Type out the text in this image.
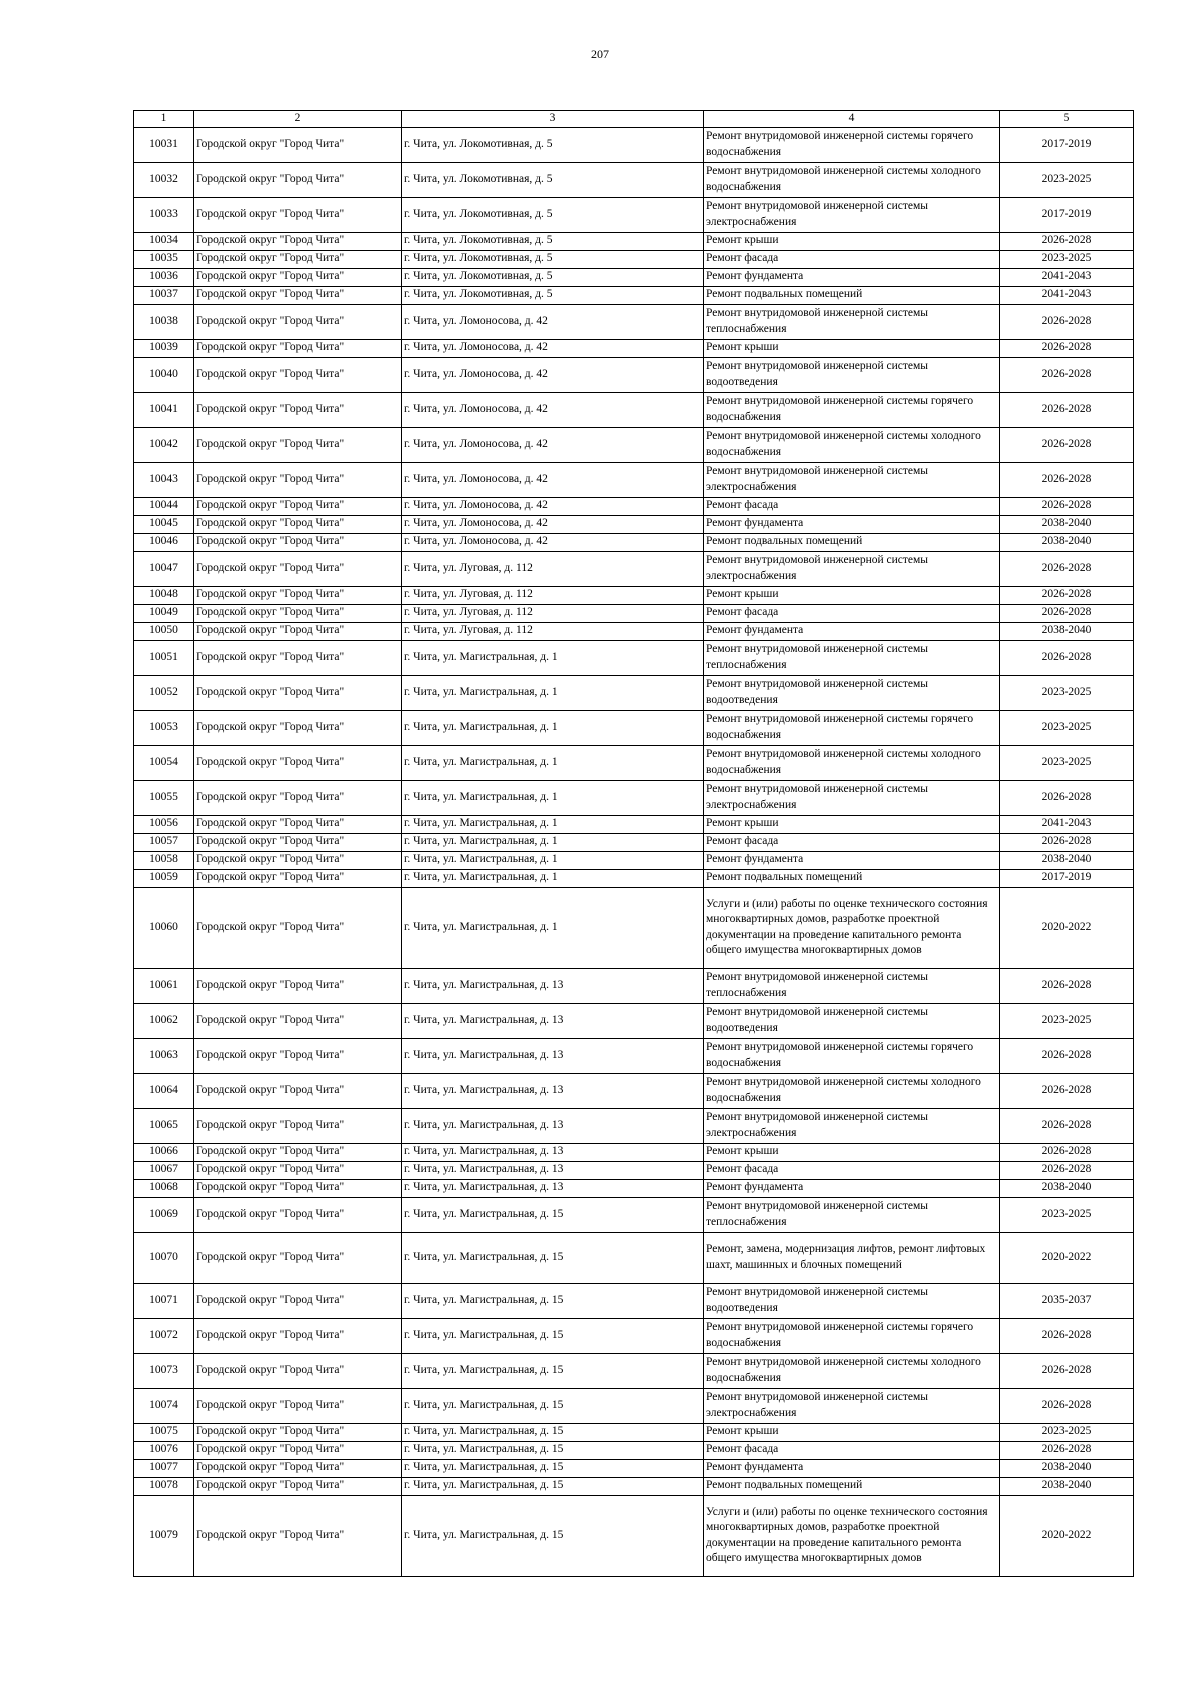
207
1	2	3	4	5
10031	Городской округ "Город Чита"	г. Чита, ул. Локомотивная, д. 5	Ремонт внутридомовой инженерной системы горячего водоснабжения	2017-2019
10032	Городской округ "Город Чита"	г. Чита, ул. Локомотивная, д. 5	Ремонт внутридомовой инженерной системы холодного водоснабжения	2023-2025
10033	Городской округ "Город Чита"	г. Чита, ул. Локомотивная, д. 5	Ремонт внутридомовой инженерной системы электроснабжения	2017-2019
10034	Городской округ "Город Чита"	г. Чита, ул. Локомотивная, д. 5	Ремонт крыши	2026-2028
10035	Городской округ "Город Чита"	г. Чита, ул. Локомотивная, д. 5	Ремонт фасада	2023-2025
10036	Городской округ "Город Чита"	г. Чита, ул. Локомотивная, д. 5	Ремонт фундамента	2041-2043
10037	Городской округ "Город Чита"	г. Чита, ул. Локомотивная, д. 5	Ремонт подвальных помещений	2041-2043
10038	Городской округ "Город Чита"	г. Чита, ул. Ломоносова, д. 42	Ремонт внутридомовой инженерной системы теплоснабжения	2026-2028
10039	Городской округ "Город Чита"	г. Чита, ул. Ломоносова, д. 42	Ремонт крыши	2026-2028
10040	Городской округ "Город Чита"	г. Чита, ул. Ломоносова, д. 42	Ремонт внутридомовой инженерной системы водоотведения	2026-2028
10041	Городской округ "Город Чита"	г. Чита, ул. Ломоносова, д. 42	Ремонт внутридомовой инженерной системы горячего водоснабжения	2026-2028
10042	Городской округ "Город Чита"	г. Чита, ул. Ломоносова, д. 42	Ремонт внутридомовой инженерной системы холодного водоснабжения	2026-2028
10043	Городской округ "Город Чита"	г. Чита, ул. Ломоносова, д. 42	Ремонт внутридомовой инженерной системы электроснабжения	2026-2028
10044	Городской округ "Город Чита"	г. Чита, ул. Ломоносова, д. 42	Ремонт фасада	2026-2028
10045	Городской округ "Город Чита"	г. Чита, ул. Ломоносова, д. 42	Ремонт фундамента	2038-2040
10046	Городской округ "Город Чита"	г. Чита, ул. Ломоносова, д. 42	Ремонт подвальных помещений	2038-2040
10047	Городской округ "Город Чита"	г. Чита, ул. Луговая, д. 112	Ремонт внутридомовой инженерной системы электроснабжения	2026-2028
10048	Городской округ "Город Чита"	г. Чита, ул. Луговая, д. 112	Ремонт крыши	2026-2028
10049	Городской округ "Город Чита"	г. Чита, ул. Луговая, д. 112	Ремонт фасада	2026-2028
10050	Городской округ "Город Чита"	г. Чита, ул. Луговая, д. 112	Ремонт фундамента	2038-2040
10051	Городской округ "Город Чита"	г. Чита, ул. Магистральная, д. 1	Ремонт внутридомовой инженерной системы теплоснабжения	2026-2028
10052	Городской округ "Город Чита"	г. Чита, ул. Магистральная, д. 1	Ремонт внутридомовой инженерной системы водоотведения	2023-2025
10053	Городской округ "Город Чита"	г. Чита, ул. Магистральная, д. 1	Ремонт внутридомовой инженерной системы горячего водоснабжения	2023-2025
10054	Городской округ "Город Чита"	г. Чита, ул. Магистральная, д. 1	Ремонт внутридомовой инженерной системы холодного водоснабжения	2023-2025
10055	Городской округ "Город Чита"	г. Чита, ул. Магистральная, д. 1	Ремонт внутридомовой инженерной системы электроснабжения	2026-2028
10056	Городской округ "Город Чита"	г. Чита, ул. Магистральная, д. 1	Ремонт крыши	2041-2043
10057	Городской округ "Город Чита"	г. Чита, ул. Магистральная, д. 1	Ремонт фасада	2026-2028
10058	Городской округ "Город Чита"	г. Чита, ул. Магистральная, д. 1	Ремонт фундамента	2038-2040
10059	Городской округ "Город Чита"	г. Чита, ул. Магистральная, д. 1	Ремонт подвальных помещений	2017-2019
10060	Городской округ "Город Чита"	г. Чита, ул. Магистральная, д. 1	Услуги и (или) работы по оценке технического состояния многоквартирных домов, разработке проектной документации на проведение капитального ремонта общего имущества многоквартирных домов	2020-2022
10061	Городской округ "Город Чита"	г. Чита, ул. Магистральная, д. 13	Ремонт внутридомовой инженерной системы теплоснабжения	2026-2028
10062	Городской округ "Город Чита"	г. Чита, ул. Магистральная, д. 13	Ремонт внутридомовой инженерной системы водоотведения	2023-2025
10063	Городской округ "Город Чита"	г. Чита, ул. Магистральная, д. 13	Ремонт внутридомовой инженерной системы горячего водоснабжения	2026-2028
10064	Городской округ "Город Чита"	г. Чита, ул. Магистральная, д. 13	Ремонт внутридомовой инженерной системы холодного водоснабжения	2026-2028
10065	Городской округ "Город Чита"	г. Чита, ул. Магистральная, д. 13	Ремонт внутридомовой инженерной системы электроснабжения	2026-2028
10066	Городской округ "Город Чита"	г. Чита, ул. Магистральная, д. 13	Ремонт крыши	2026-2028
10067	Городской округ "Город Чита"	г. Чита, ул. Магистральная, д. 13	Ремонт фасада	2026-2028
10068	Городской округ "Город Чита"	г. Чита, ул. Магистральная, д. 13	Ремонт фундамента	2038-2040
10069	Городской округ "Город Чита"	г. Чита, ул. Магистральная, д. 15	Ремонт внутридомовой инженерной системы теплоснабжения	2023-2025
10070	Городской округ "Город Чита"	г. Чита, ул. Магистральная, д. 15	Ремонт, замена, модернизация лифтов, ремонт лифтовых шахт, машинных и блочных помещений	2020-2022
10071	Городской округ "Город Чита"	г. Чита, ул. Магистральная, д. 15	Ремонт внутридомовой инженерной системы водоотведения	2035-2037
10072	Городской округ "Город Чита"	г. Чита, ул. Магистральная, д. 15	Ремонт внутридомовой инженерной системы горячего водоснабжения	2026-2028
10073	Городской округ "Город Чита"	г. Чита, ул. Магистральная, д. 15	Ремонт внутридомовой инженерной системы холодного водоснабжения	2026-2028
10074	Городской округ "Город Чита"	г. Чита, ул. Магистральная, д. 15	Ремонт внутридомовой инженерной системы электроснабжения	2026-2028
10075	Городской округ "Город Чита"	г. Чита, ул. Магистральная, д. 15	Ремонт крыши	2023-2025
10076	Городской округ "Город Чита"	г. Чита, ул. Магистральная, д. 15	Ремонт фасада	2026-2028
10077	Городской округ "Город Чита"	г. Чита, ул. Магистральная, д. 15	Ремонт фундамента	2038-2040
10078	Городской округ "Город Чита"	г. Чита, ул. Магистральная, д. 15	Ремонт подвальных помещений	2038-2040
10079	Городской округ "Город Чита"	г. Чита, ул. Магистральная, д. 15	Услуги и (или) работы по оценке технического состояния многоквартирных домов, разработке проектной документации на проведение капитального ремонта общего имущества многоквартирных домов	2020-2022
